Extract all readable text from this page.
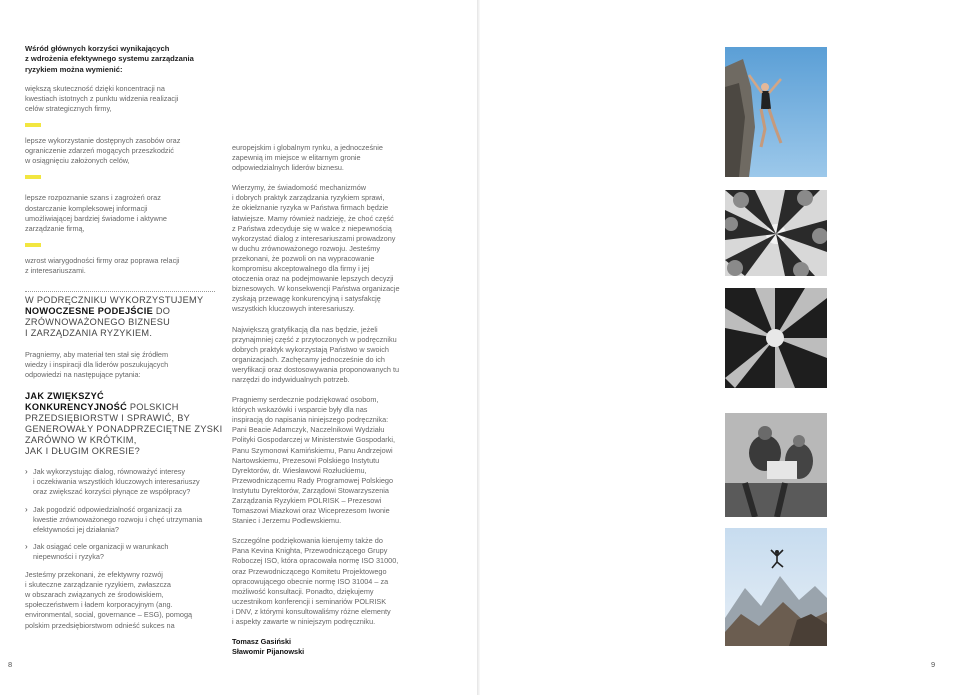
Wśród głównych korzyści wynikających
z wdrożenia efektywnego systemu zarządzania
ryzykiem można wymienić:

większą skuteczność dzięki koncentracji na
kwestiach istotnych z punktu widzenia realizacji
celów strategicznych firmy,

lepsze wykorzystanie dostępnych zasobów oraz
ograniczenie zdarzeń mogących przeszkodzić
w osiągnięciu założonych celów,

lepsze rozpoznanie szans i zagrożeń oraz
dostarczanie kompleksowej informacji
umożliwiającej bardziej świadome i aktywne
zarządzanie firmą,

wzrost wiarygodności firmy oraz poprawa relacji
z interesariuszami.

W PODRĘCZNIKU WYKORZYSTUJEMY
NOWOCZESNE PODEJŚCIE DO
ZRÓWNOWAŻONEGO BIZNESU
I ZARZĄDZANIA RYZYKIEM.

Pragniemy, aby materiał ten stał się źródłem
wiedzy i inspiracji dla liderów poszukujących
odpowiedzi na następujące pytania:

JAK ZWIĘKSZYĆ
KONKURENCYJNOŚĆ POLSKICH
PRZEDSIĘBIORSTW I SPRAWIĆ, BY
GENEROWAŁY PONADPRZECIĘTNE ZYSKI
ZARÓWNO W KRÓTKIM,
JAK I DŁUGIM OKRESIE?
› Jak wykorzystując dialog, równoważyć interesy
i oczekiwania wszystkich kluczowych interesariuszy
oraz zwiększać korzyści płynące ze współpracy?

› Jak pogodzić odpowiedzialność organizacji za
kwestie zrównoważonego rozwoju i chęć utrzymania
efektywności jej działania?

› Jak osiągać cele organizacji w warunkach
niepewności i ryzyka?

Jesteśmy przekonani, że efektywny rozwój
i skuteczne zarządzanie ryzykiem, zwłaszcza
w obszarach związanych ze środowiskiem,
społeczeństwem i ładem korporacyjnym (ang.
environmental, social, governance – ESG), pomogą
polskim przedsiębiorstwom odnieść sukces na

8

europejskim i globalnym rynku, a jednocześnie
zapewnią im miejsce w elitarnym gronie
odpowiedzialnych liderów biznesu.

Wierzymy, że świadomość mechanizmów
i dobrych praktyk zarządzania ryzykiem sprawi,
że okiełznanie ryzyka w Państwa firmach będzie
łatwiejsze. Mamy również nadzieję, że choć część
z Państwa zdecyduje się w walce z niepewnością
wykorzystać dialog z interesariuszami prowadzony
w duchu zrównoważonego rozwoju. Jesteśmy
przekonani, że pozwoli on na wypracowanie
kompromisu akceptowalnego dla firmy i jej
otoczenia oraz na podejmowanie lepszych decyzji
biznesowych. W konsekwencji Państwa organizacje
zyskają przewagę konkurencyjną i satysfakcję
wszystkich kluczowych interesariuszy.

Największą gratyfikacją dla nas będzie, jeżeli
przynajmniej część z przytoczonych w podręczniku
dobrych praktyk wykorzystają Państwo w swoich
organizacjach. Zachęcamy jednocześnie do ich
weryfikacji oraz dostosowywania proponowanych tu
narzędzi do indywidualnych potrzeb.

Pragniemy serdecznie podziękować osobom,
których wskazówki i wsparcie były dla nas
inspiracją do napisania niniejszego podręcznika:
Pani Beacie Adamczyk, Naczelnikowi Wydziału
Polityki Gospodarczej w Ministerstwie Gospodarki,
Panu Szymonowi Kamińskiemu, Panu Andrzejowi
Nartowskiemu, Prezesowi Polskiego Instytutu
Dyrektorów, dr. Wiesławowi Rozłuckiemu,
Przewodniczącemu Rady Programowej Polskiego
Instytutu Dyrektorów, Zarządowi Stowarzyszenia
Zarządzania Ryzykiem POLRISK – Prezesowi
Tomaszowi Miazkowi oraz Wiceprezesom Iwonie
Staniec i Jerzemu Podlewskiemu.

Szczególne podziękowania kierujemy także do
Pana Kevina Knighta, Przewodniczącego Grupy
Roboczej ISO, która opracowała normę ISO 31000,
oraz Przewodniczącego Komitetu Projektowego
opracowującego obecnie normę ISO 31004 – za
możliwość konsultacji. Ponadto, dziękujemy
uczestnikom konferencji i seminariów POLRISK
i DNV, z którymi konsultowaliśmy różne elementy
i aspekty zawarte w niniejszym podręczniku.

Tomasz Gasiński
Sławomir Pijanowski

9
